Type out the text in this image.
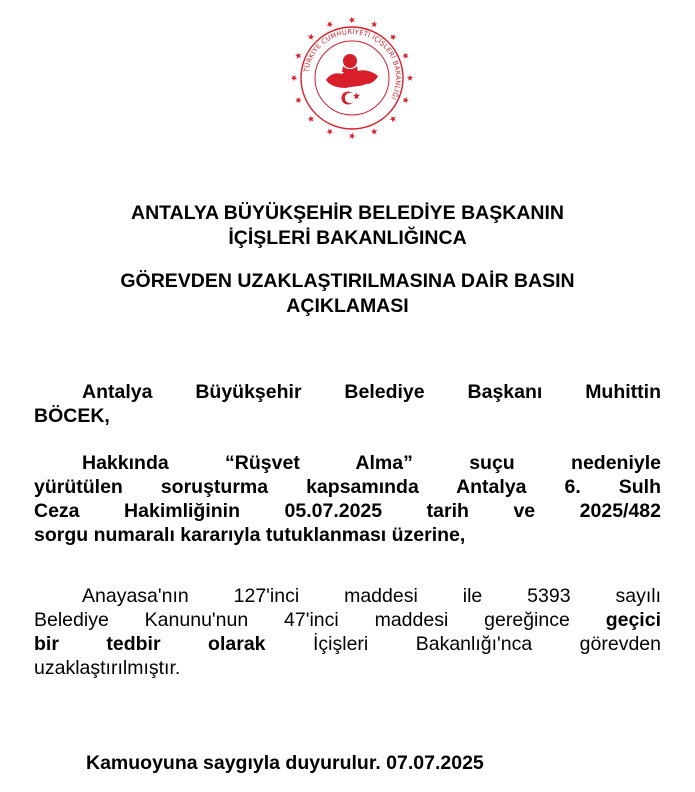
TÜRKİYE CUMHURİYETİ İÇİŞLERİ BAKANLIĞI
ANTALYA BÜYÜKŞEHİR BELEDİYE BAŞKANIN
İÇİŞLERİ BAKANLIĞINCA
GÖREVDEN UZAKLAŞTIRILMASINA DAİR BASIN
AÇIKLAMASI
Antalya Büyükşehir Belediye Başkanı Muhittin
BÖCEK,
Hakkında “Rüşvet Alma” suçu nedeniyle
yürütülen soruşturma kapsamında Antalya 6. Sulh
Ceza Hakimliğinin 05.07.2025 tarih ve 2025/482
sorgu numaralı kararıyla tutuklanması üzerine,
Anayasa'nın 127'inci maddesi ile 5393 sayılı
Belediye Kanunu'nun 47'inci maddesi gereğince geçici
bir tedbir olarak İçişleri Bakanlığı'nca görevden
uzaklaştırılmıştır.
Kamuoyuna saygıyla duyurulur. 07.07.2025
